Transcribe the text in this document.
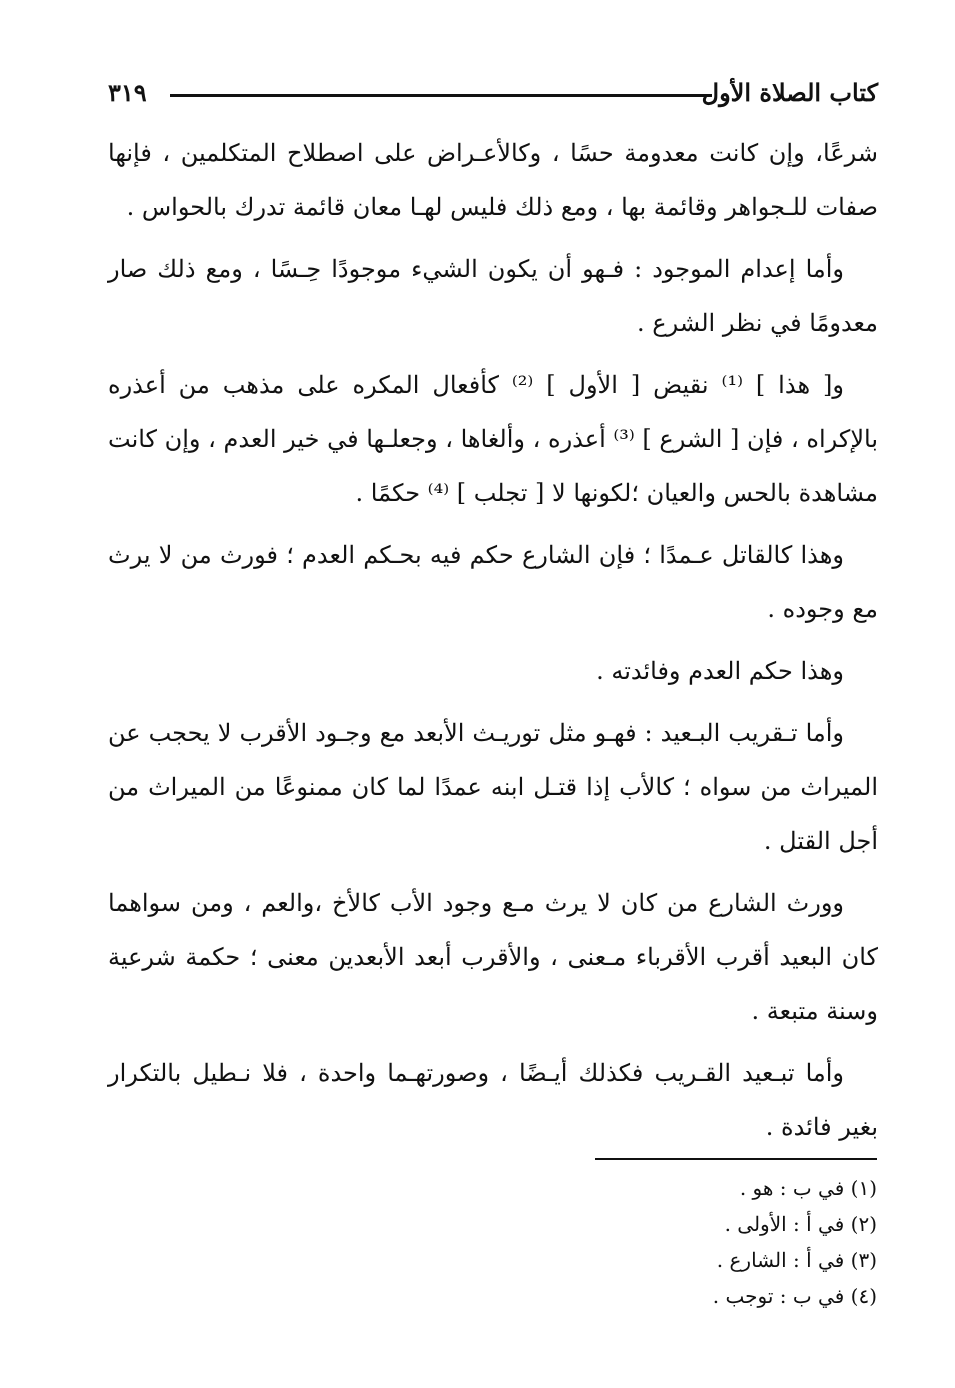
كتاب الصلاة الأول
٣١٩

شرعًا، وإن كانت معدومة حسًا ، وكالأعـراض على اصطلاح المتكلمين ، فإنها صفات للـجواهر وقائمة بها ، ومع ذلك فليس لهـا معان قائمة تدرك بالحواس .

وأما إعدام الموجود : فـهو أن يكون الشيء موجودًا حِـسًا ، ومع ذلك صار معدومًا في نظر الشرع .

و[ هذا ] ⁽¹⁾ نقيض [ الأول ] ⁽²⁾ كأفعال المكره على مذهب من أعذره بالإكراه ، فإن [ الشرع ] ⁽³⁾ أعذره ، وألغاها ، وجعلـها في خير العدم ، وإن كانت مشاهدة بالحس والعيان ؛لكونها لا [ تجلب ] ⁽⁴⁾ حكمًا .

وهذا كالقاتل عـمدًا ؛ فإن الشارع حكم فيه بحـكم العدم ؛ فورث من لا يرث مع وجوده .

وهذا حكم العدم وفائدته .

وأما تـقريب البـعيد : فهـو مثل توريـث الأبعد مع وجـود الأقرب لا يحجب عن الميراث من سواه ؛ كالأب إذا قتـل ابنه عمدًا لما كان ممنوعًا من الميراث من أجل القتل .

وورث الشارع من كان لا يرث مـع وجود الأب كالأخ ،والعم ، ومن سواهما كان البعيد أقرب الأقرباء مـعنى ، والأقرب أبعد الأبعدين معنى ؛ حكمة شرعية وسنة متبعة .

وأما تبـعيد القـريب فكذلك أيـضًا ، وصورتهـما واحدة ، فلا نـطيل بالتكرار بغير فائدة .

(١) في ب : هو .

(٢) في أ : الأولى .

(٣) في أ : الشارع .

(٤) في ب : توجب .
